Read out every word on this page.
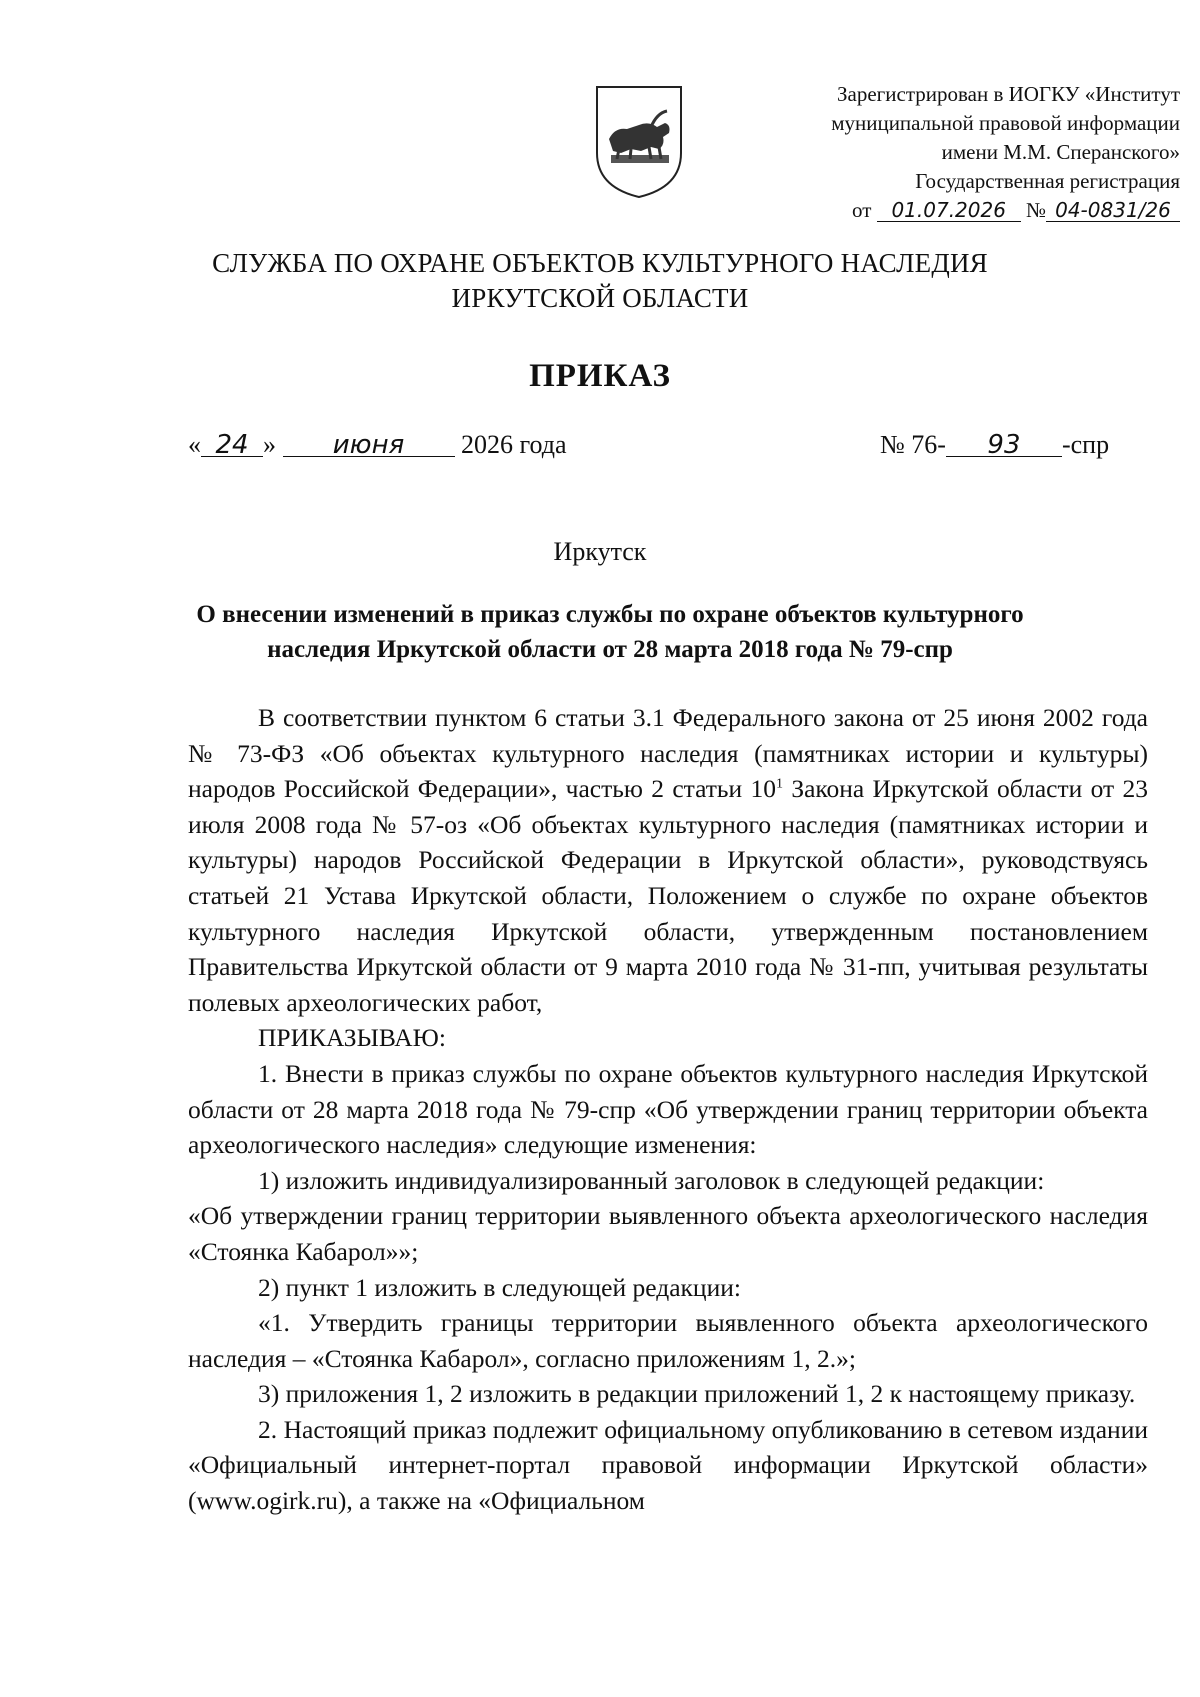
Зарегистрирован в ИОГКУ «Институт
муниципальной правовой информации
имени М.М. Сперанского»
Государственная регистрация
от 01.07.2026 № 04-0831/26
СЛУЖБА ПО ОХРАНЕ ОБЪЕКТОВ КУЛЬТУРНОГО НАСЛЕДИЯ
ИРКУТСКОЙ ОБЛАСТИ
ПРИКАЗ
« 24 » июня 2026 года	№ 76- 93 -спр
Иркутск
О внесении изменений в приказ службы по охране объектов культурного
наследия Иркутской области от 28 марта 2018 года № 79-спр

В соответствии пунктом 6 статьи 3.1 Федерального закона от 25 июня 2002 года № 73-ФЗ «Об объектах культурного наследия (памятниках истории и культуры) народов Российской Федерации», частью 2 статьи $10^1$ Закона Иркутской области от 23 июля 2008 года № 57-оз «Об объектах культурного наследия (памятниках истории и культуры) народов Российской Федерации в Иркутской области», руководствуясь статьей 21 Устава Иркутской области, Положением о службе по охране объектов культурного наследия Иркутской области, утвержденным постановлением Правительства Иркутской области от 9 марта 2010 года № 31-пп, учитывая результаты полевых археологических работ,

ПРИКАЗЫВАЮ:

1. Внести в приказ службы по охране объектов культурного наследия Иркутской области от 28 марта 2018 года № 79-спр «Об утверждении границ территории объекта археологического наследия» следующие изменения:

1) изложить индивидуализированный заголовок в следующей редакции:

«Об утверждении границ территории выявленного объекта археологического наследия «Стоянка Кабарол»»;

2) пункт 1 изложить в следующей редакции:

«1. Утвердить границы территории выявленного объекта археологического наследия – «Стоянка Кабарол», согласно приложениям 1, 2.»;

3) приложения 1, 2 изложить в редакции приложений 1, 2 к настоящему приказу.

2. Настоящий приказ подлежит официальному опубликованию в сетевом издании «Официальный интернет-портал правовой информации Иркутской области» (www.ogirk.ru), а также на «Официальном
